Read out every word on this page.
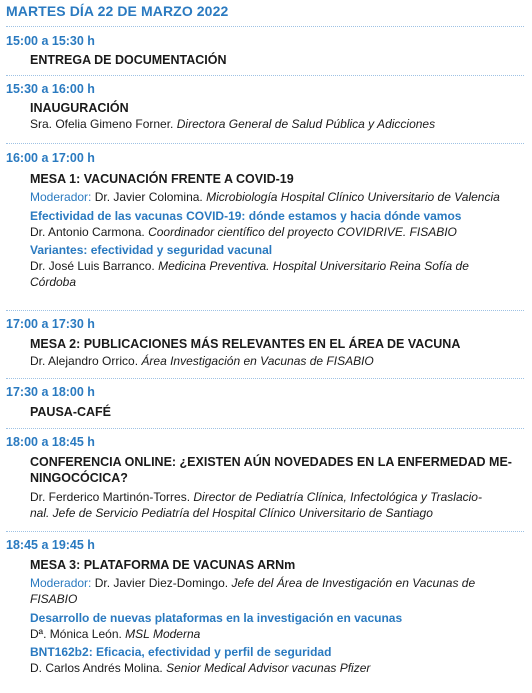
MARTES DÍA 22 DE MARZO 2022
15:00 a 15:30 h
ENTREGA DE DOCUMENTACIÓN
15:30 a 16:00 h
INAUGURACIÓN
Sra. Ofelia Gimeno Forner. Directora General de Salud Pública y Adicciones
16:00 a 17:00 h
MESA 1: VACUNACIÓN FRENTE A COVID-19
Moderador: Dr. Javier Colomina. Microbiología Hospital Clínico Universitario de Valencia
Efectividad de las vacunas COVID-19: dónde estamos y hacia dónde vamos
Dr. Antonio Carmona. Coordinador científico del proyecto COVIDRIVE. FISABIO
Variantes: efectividad y seguridad vacunal
Dr. José Luis Barranco. Medicina Preventiva. Hospital Universitario Reina Sofía de
Córdoba
17:00 a 17:30 h
MESA 2: PUBLICACIONES MÁS RELEVANTES EN EL ÁREA DE VACUNA
Dr. Alejandro Orrico. Área Investigación en Vacunas de FISABIO
17:30 a 18:00 h
PAUSA-CAFÉ
18:00 a 18:45 h
CONFERENCIA ONLINE: ¿EXISTEN AÚN NOVEDADES EN LA ENFERMEDAD ME-
NINGOCÓCICA?
Dr. Ferderico Martinón-Torres. Director de Pediatría Clínica, Infectológica y Traslacio-
nal. Jefe de Servicio Pediatría del Hospital Clínico Universitario de Santiago
18:45 a 19:45 h
MESA 3: PLATAFORMA DE VACUNAS ARNm
Moderador: Dr. Javier Diez-Domingo. Jefe del Área de Investigación en Vacunas de
FISABIO
Desarrollo de nuevas plataformas en la investigación en vacunas
Dª. Mónica León. MSL Moderna
BNT162b2: Eficacia, efectividad y perfil de seguridad
D. Carlos Andrés Molina. Senior Medical Advisor vacunas Pfizer
